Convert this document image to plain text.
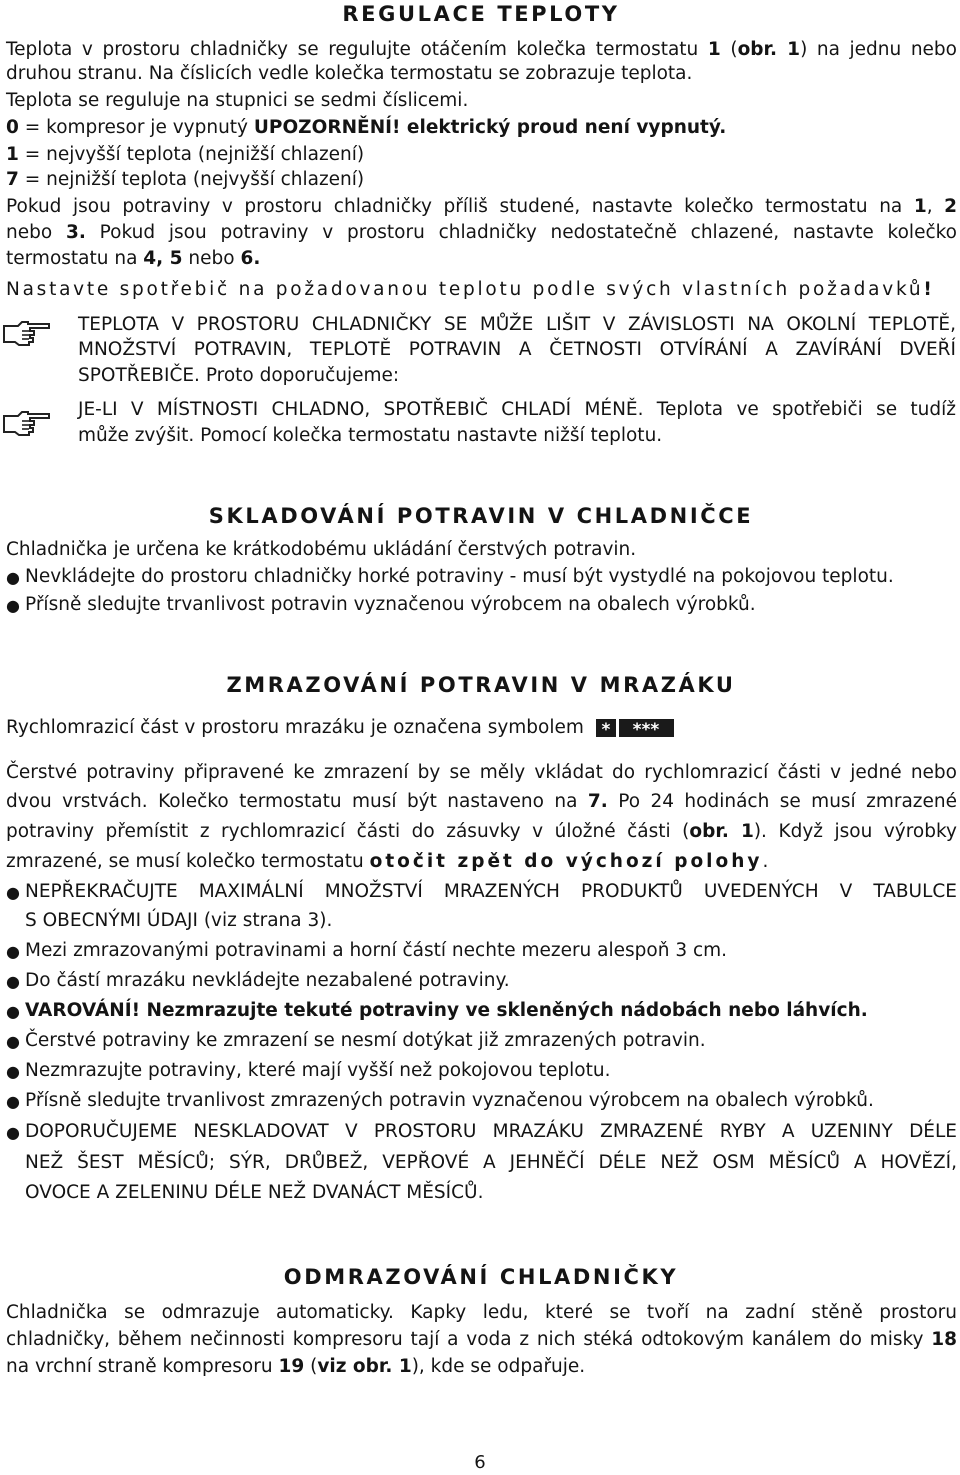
REGULACE TEPLOTY
Teplota v prostoru chladničky se regulujte otáčením kolečka termostatu 1 (obr. 1) na jednu nebo
druhou stranu. Na číslicích vedle kolečka termostatu se zobrazuje teplota.
Teplota se reguluje na stupnici se sedmi číslicemi.
0 = kompresor je vypnutý UPOZORNĚNÍ! elektrický proud není vypnutý.
1 = nejvyšší teplota (nejnižší chlazení)
7 = nejnižší teplota (nejvyšší chlazení)
Pokud jsou potraviny v prostoru chladničky příliš studené, nastavte kolečko termostatu na 1, 2
nebo 3. Pokud jsou potraviny v prostoru chladničky nedostatečně chlazené, nastavte kolečko
termostatu na 4, 5 nebo 6.
Nastavte spotřebič na požadovanou teplotu podle svých vlastních požadavků!
TEPLOTA V PROSTORU CHLADNIČKY SE MŮŽE LIŠIT V ZÁVISLOSTI NA OKOLNÍ TEPLOTĚ,
MNOŽSTVÍ POTRAVIN, TEPLOTĚ POTRAVIN A ČETNOSTI OTVÍRÁNÍ A ZAVÍRÁNÍ DVEŘÍ
SPOTŘEBIČE. Proto doporučujeme:
JE-LI V MÍSTNOSTI CHLADNO, SPOTŘEBIČ CHLADÍ MÉNĚ. Teplota ve spotřebiči se tudíž
může zvýšit. Pomocí kolečka termostatu nastavte nižší teplotu.
SKLADOVÁNÍ POTRAVIN V CHLADNIČCE
Chladnička je určena ke krátkodobému ukládání čerstvých potravin.
● Nevkládejte do prostoru chladničky horké potraviny - musí být vystydlé na pokojovou teplotu.
● Přísně sledujte trvanlivost potravin vyznačenou výrobcem na obalech výrobků.
ZMRAZOVÁNÍ POTRAVIN V MRAZÁKU
Rychlomrazicí část v prostoru mrazáku je označena symbolem * ***
Čerstvé potraviny připravené ke zmrazení by se měly vkládat do rychlomrazicí části v jedné nebo
dvou vrstvách. Kolečko termostatu musí být nastaveno na 7. Po 24 hodinách se musí zmrazené
potraviny přemístit z rychlomrazicí části do zásuvky v úložné části (obr. 1). Když jsou výrobky
zmrazené, se musí kolečko termostatu otočit zpět do výchozí polohy.
● NEPŘEKRAČUJTE MAXIMÁLNÍ MNOŽSTVÍ MRAZENÝCH PRODUKTŮ UVEDENÝCH V TABULCE
S OBECNÝMI ÚDAJI (viz strana 3).
● Mezi zmrazovanými potravinami a horní částí nechte mezeru alespoň 3 cm.
● Do částí mrazáku nevkládejte nezabalené potraviny.
● VAROVÁNÍ! Nezmrazujte tekuté potraviny ve skleněných nádobách nebo láhvích.
● Čerstvé potraviny ke zmrazení se nesmí dotýkat již zmrazených potravin.
● Nezmrazujte potraviny, které mají vyšší než pokojovou teplotu.
● Přísně sledujte trvanlivost zmrazených potravin vyznačenou výrobcem na obalech výrobků.
● DOPORUČUJEME NESKLADOVAT V PROSTORU MRAZÁKU ZMRAZENÉ RYBY A UZENINY DÉLE
NEŽ ŠEST MĚSÍCŮ; SÝR, DRŮBEŽ, VEPŘOVÉ A JEHNĚČÍ DÉLE NEŽ OSM MĚSÍCŮ A HOVĚZÍ,
OVOCE A ZELENINU DÉLE NEŽ DVANÁCT MĚSÍCŮ.
ODMRAZOVÁNÍ CHLADNIČKY
Chladnička se odmrazuje automaticky. Kapky ledu, které se tvoří na zadní stěně prostoru
chladničky, během nečinnosti kompresoru tají a voda z nich stéká odtokovým kanálem do misky 18
na vrchní straně kompresoru 19 (viz obr. 1), kde se odpařuje.
6
